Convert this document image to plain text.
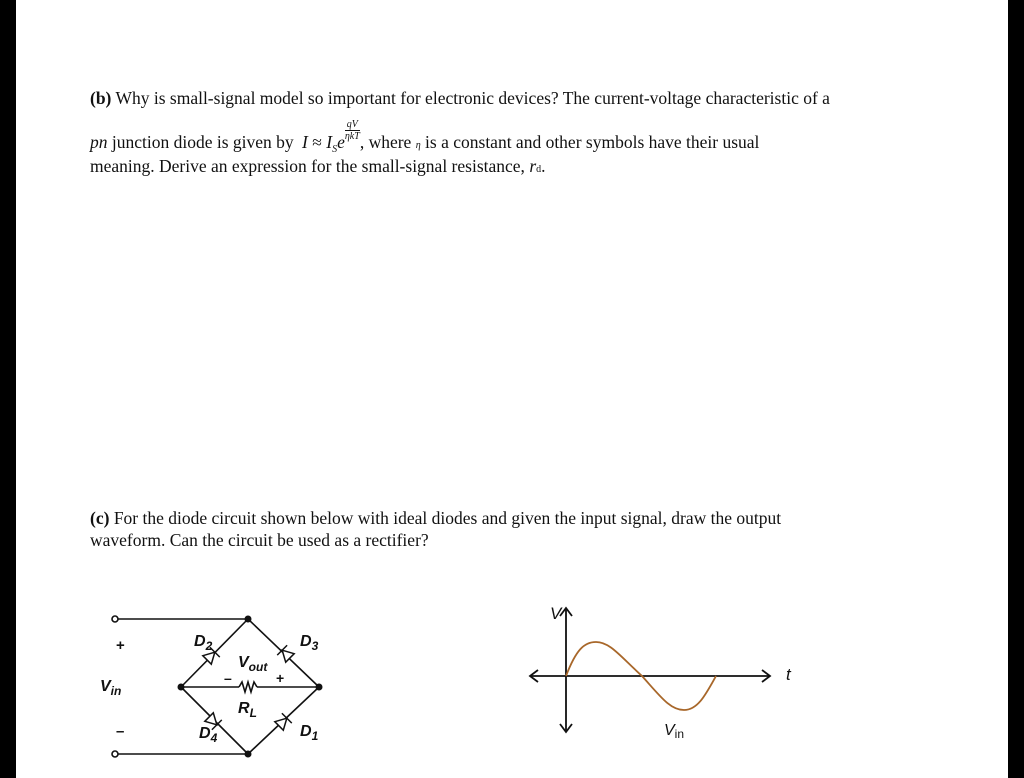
(b) Why is small-signal model so important for electronic devices? The current-voltage characteristic of a
pn junction diode is given by $I \approx I_Se$
qV
ηkT , where η is a constant and other symbols have their usual
meaning. Derive an expression for the small-signal resistance, rd.
(c) For the diode circuit shown below with ideal diodes and given the input signal, draw the output
waveform. Can the circuit be used as a rectifier?
+
–
$V_{in}$
$D_2$	$D_3$
$D_4$	$D_1$
$V_{out}$
–	+
$R_L$
V
t
Vin
